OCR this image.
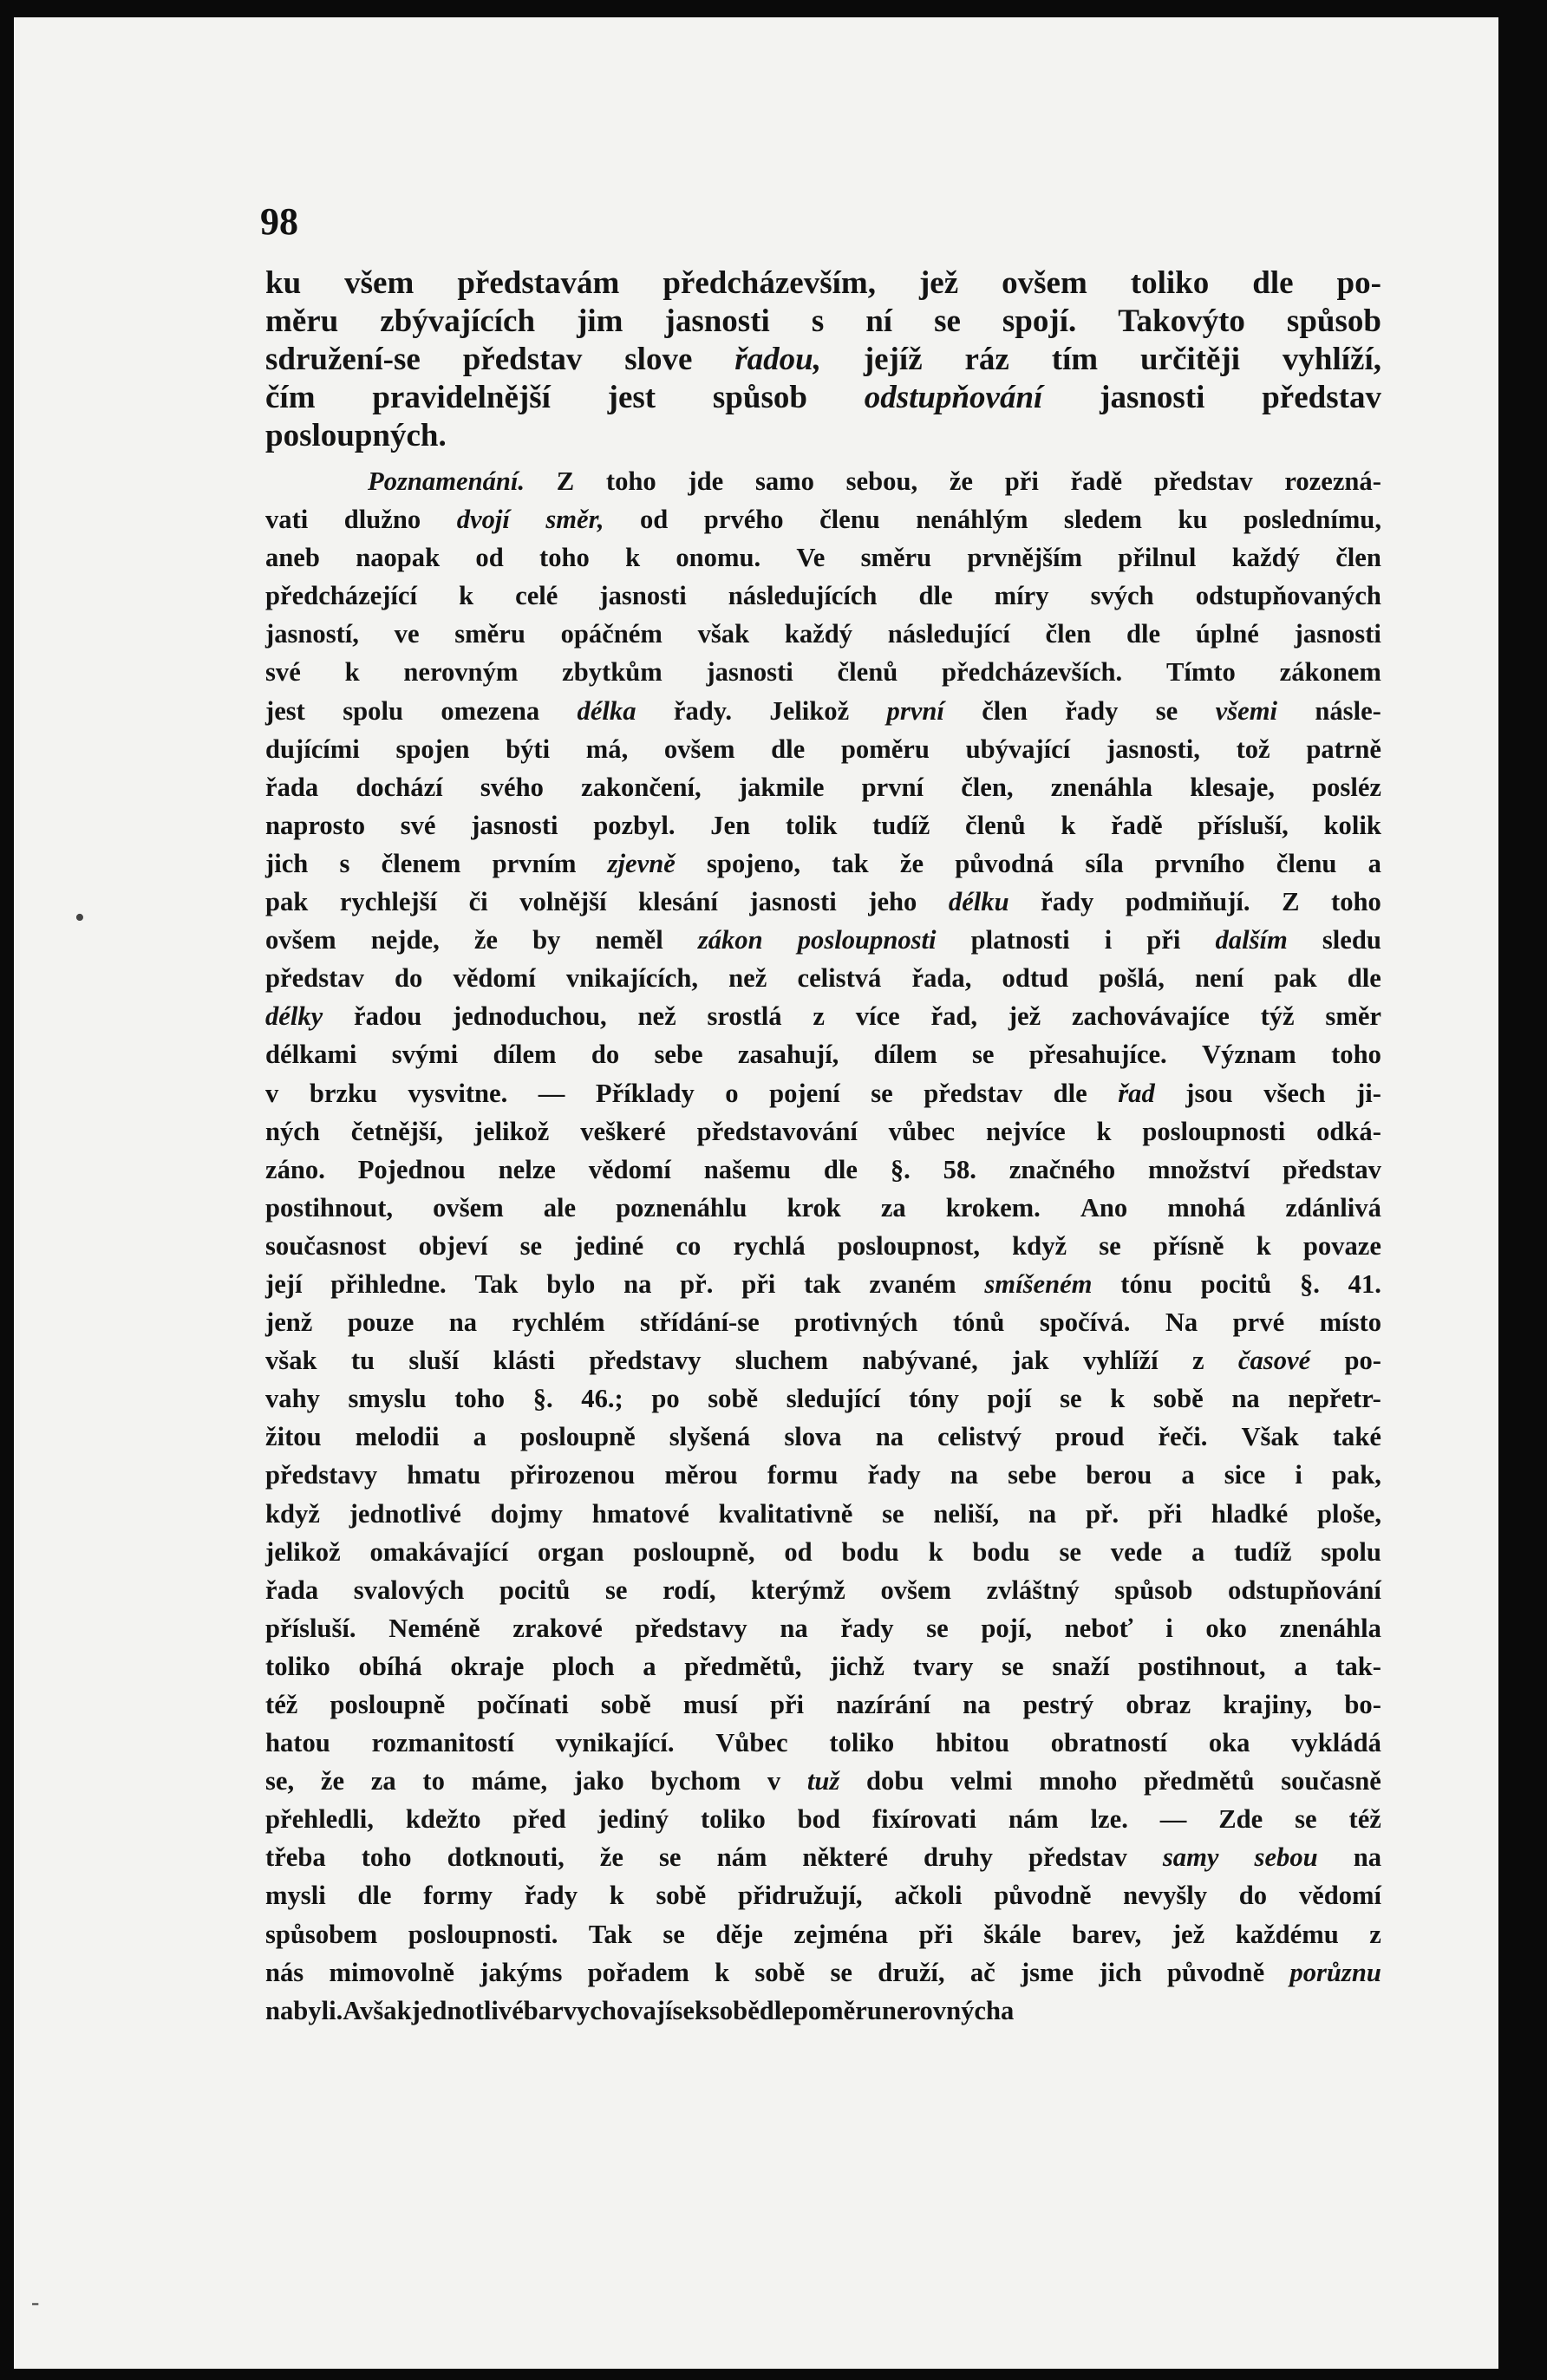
98
ku všem představám předcházevším, jež ovšem toliko dle po-
měru zbývajících jim jasnosti s ní se spojí. Takovýto spůsob
sdružení-se představ slove řadou, jejíž ráz tím určitěji vyhlíží,
čím pravidelnější jest spůsob odstupňování jasnosti představ
posloupných.
Poznamenání. Z toho jde samo sebou, že při řadě představ rozezná-
vati dlužno dvojí směr, od prvého členu nenáhlým sledem ku poslednímu,
aneb naopak od toho k onomu. Ve směru prvnějším přilnul každý člen
předcházející k celé jasnosti následujících dle míry svých odstupňovaných
jasností, ve směru opáčném však každý následující člen dle úplné jasnosti
své k nerovným zbytkům jasnosti členů předcházevších. Tímto zákonem
jest spolu omezena délka řady. Jelikož první člen řady se všemi násle-
dujícími spojen býti má, ovšem dle poměru ubývající jasnosti, tož patrně
řada dochází svého zakončení, jakmile první člen, znenáhla klesaje, posléz
naprosto své jasnosti pozbyl. Jen tolik tudíž členů k řadě přísluší, kolik
jich s členem prvním zjevně spojeno, tak že původná síla prvního členu a
pak rychlejší či volnější klesání jasnosti jeho délku řady podmiňují. Z toho
ovšem nejde, že by neměl zákon posloupnosti platnosti i při dalším sledu
představ do vědomí vnikajících, než celistvá řada, odtud pošlá, není pak dle
délky řadou jednoduchou, než srostlá z více řad, jež zachovávajíce týž směr
délkami svými dílem do sebe zasahují, dílem se přesahujíce. Význam toho
v brzku vysvitne. — Příklady o pojení se představ dle řad jsou všech ji-
ných četnější, jelikož veškeré představování vůbec nejvíce k posloupnosti odká-
záno. Pojednou nelze vědomí našemu dle §. 58. značného množství představ
postihnout, ovšem ale poznenáhlu krok za krokem. Ano mnohá zdánlivá
současnost objeví se jediné co rychlá posloupnost, když se přísně k povaze
její přihledne. Tak bylo na př. při tak zvaném smíšeném tónu pocitů §. 41.
jenž pouze na rychlém střídání-se protivných tónů spočívá. Na prvé místo
však tu sluší klásti představy sluchem nabývané, jak vyhlíží z časové po-
vahy smyslu toho §. 46.; po sobě sledující tóny pojí se k sobě na nepřetr-
žitou melodii a posloupně slyšená slova na celistvý proud řeči. Však také
představy hmatu přirozenou měrou formu řady na sebe berou a sice i pak,
když jednotlivé dojmy hmatové kvalitativně se neliší, na př. při hladké ploše,
jelikož omakávající organ posloupně, od bodu k bodu se vede a tudíž spolu
řada svalových pocitů se rodí, kterýmž ovšem zvláštný spůsob odstupňování
přísluší. Neméně zrakové představy na řady se pojí, neboť i oko znenáhla
toliko obíhá okraje ploch a předmětů, jichž tvary se snaží postihnout, a tak-
též posloupně počínati sobě musí při nazírání na pestrý obraz krajiny, bo-
hatou rozmanitostí vynikající. Vůbec toliko hbitou obratností oka vykládá
se, že za to máme, jako bychom v tuž dobu velmi mnoho předmětů současně
přehledli, kdežto před jediný toliko bod fixírovati nám lze. — Zde se též
třeba toho dotknouti, že se nám některé druhy představ samy sebou na
mysli dle formy řady k sobě přidružují, ačkoli původně nevyšly do vědomí
spůsobem posloupnosti. Tak se děje zejména při škále barev, jež každému z
nás mimovolně jakýms pořadem k sobě se druží, ač jsme jich původně porůznu
nabyli. Avšak jednotlivé barvy chovají se k sobě dle poměru nerovných a
•
-
